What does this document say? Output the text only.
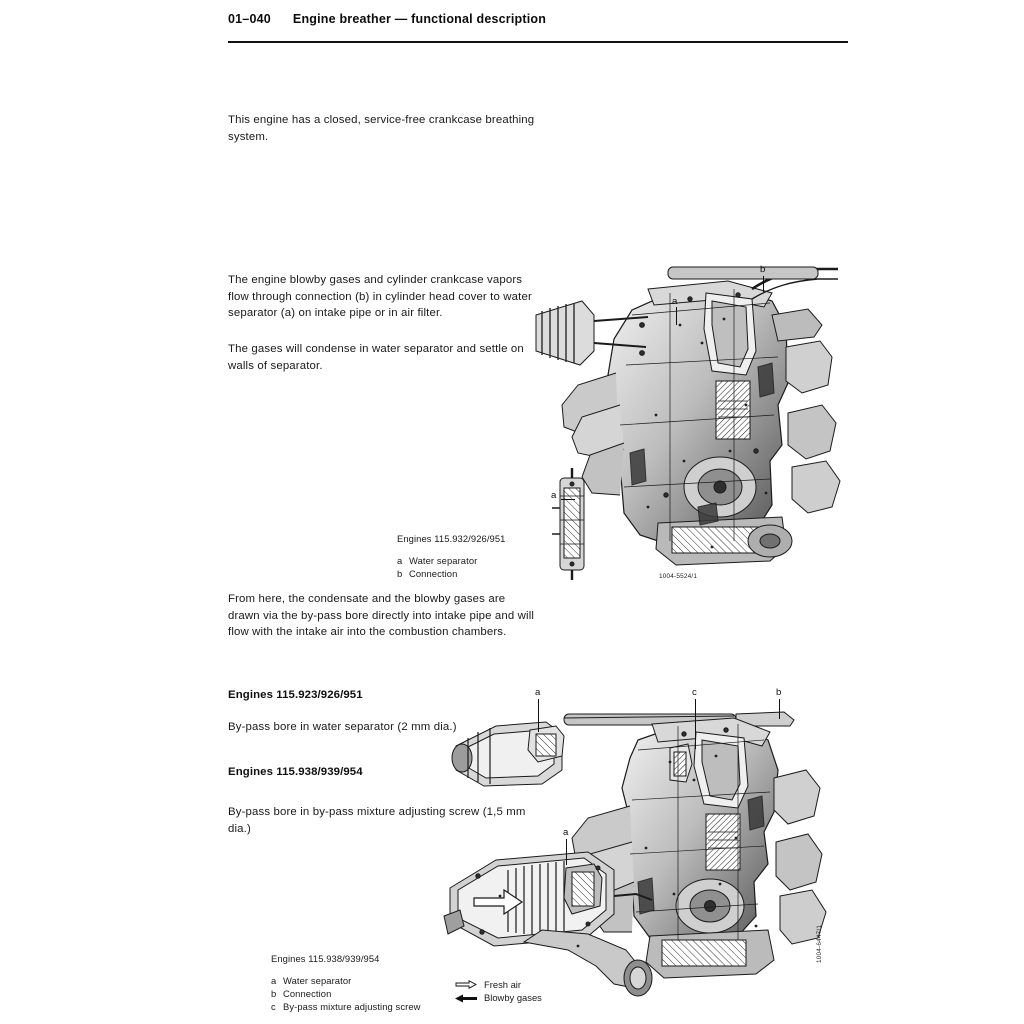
01–040 Engine breather — functional description

This engine has a closed, service-free crankcase breathing system.

The engine blowby gases and cylinder crankcase vapors flow through connection (b) in cylinder head cover to water separator (a) on intake pipe or in air filter.

The gases will condense in water separator and settle on walls of separator.

From here, the condensate and the blowby gases are drawn via the by-pass bore directly into intake pipe and will flow with the intake air into the combustion chambers.

Engines 115.923/926/951

By-pass bore in water separator (2 mm dia.)

Engines 115.938/939/954

By-pass bore in by-pass mixture adjusting screw (1,5 mm dia.)

a
b
a
Engines 115.932/926/951
a Water separator
b Connection	1004-5524/1
a	c	b
a
Engines 115.938/939/954
a Water separator
b Connection
c By-pass mixture adjusting screw
Fresh air
Blowby gases
1004-6447/1
